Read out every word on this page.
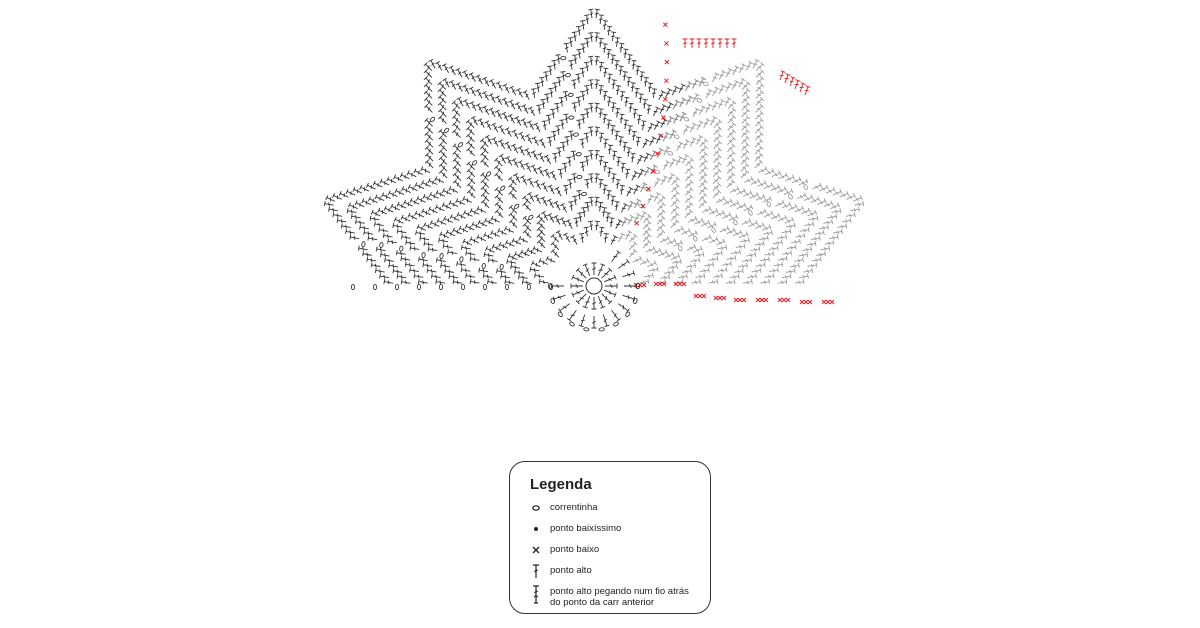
Legenda
correntinha
ponto baixíssimo
ponto baixo
ponto alto
ponto alto pegando num fio atrás
do ponto da carr anterior
